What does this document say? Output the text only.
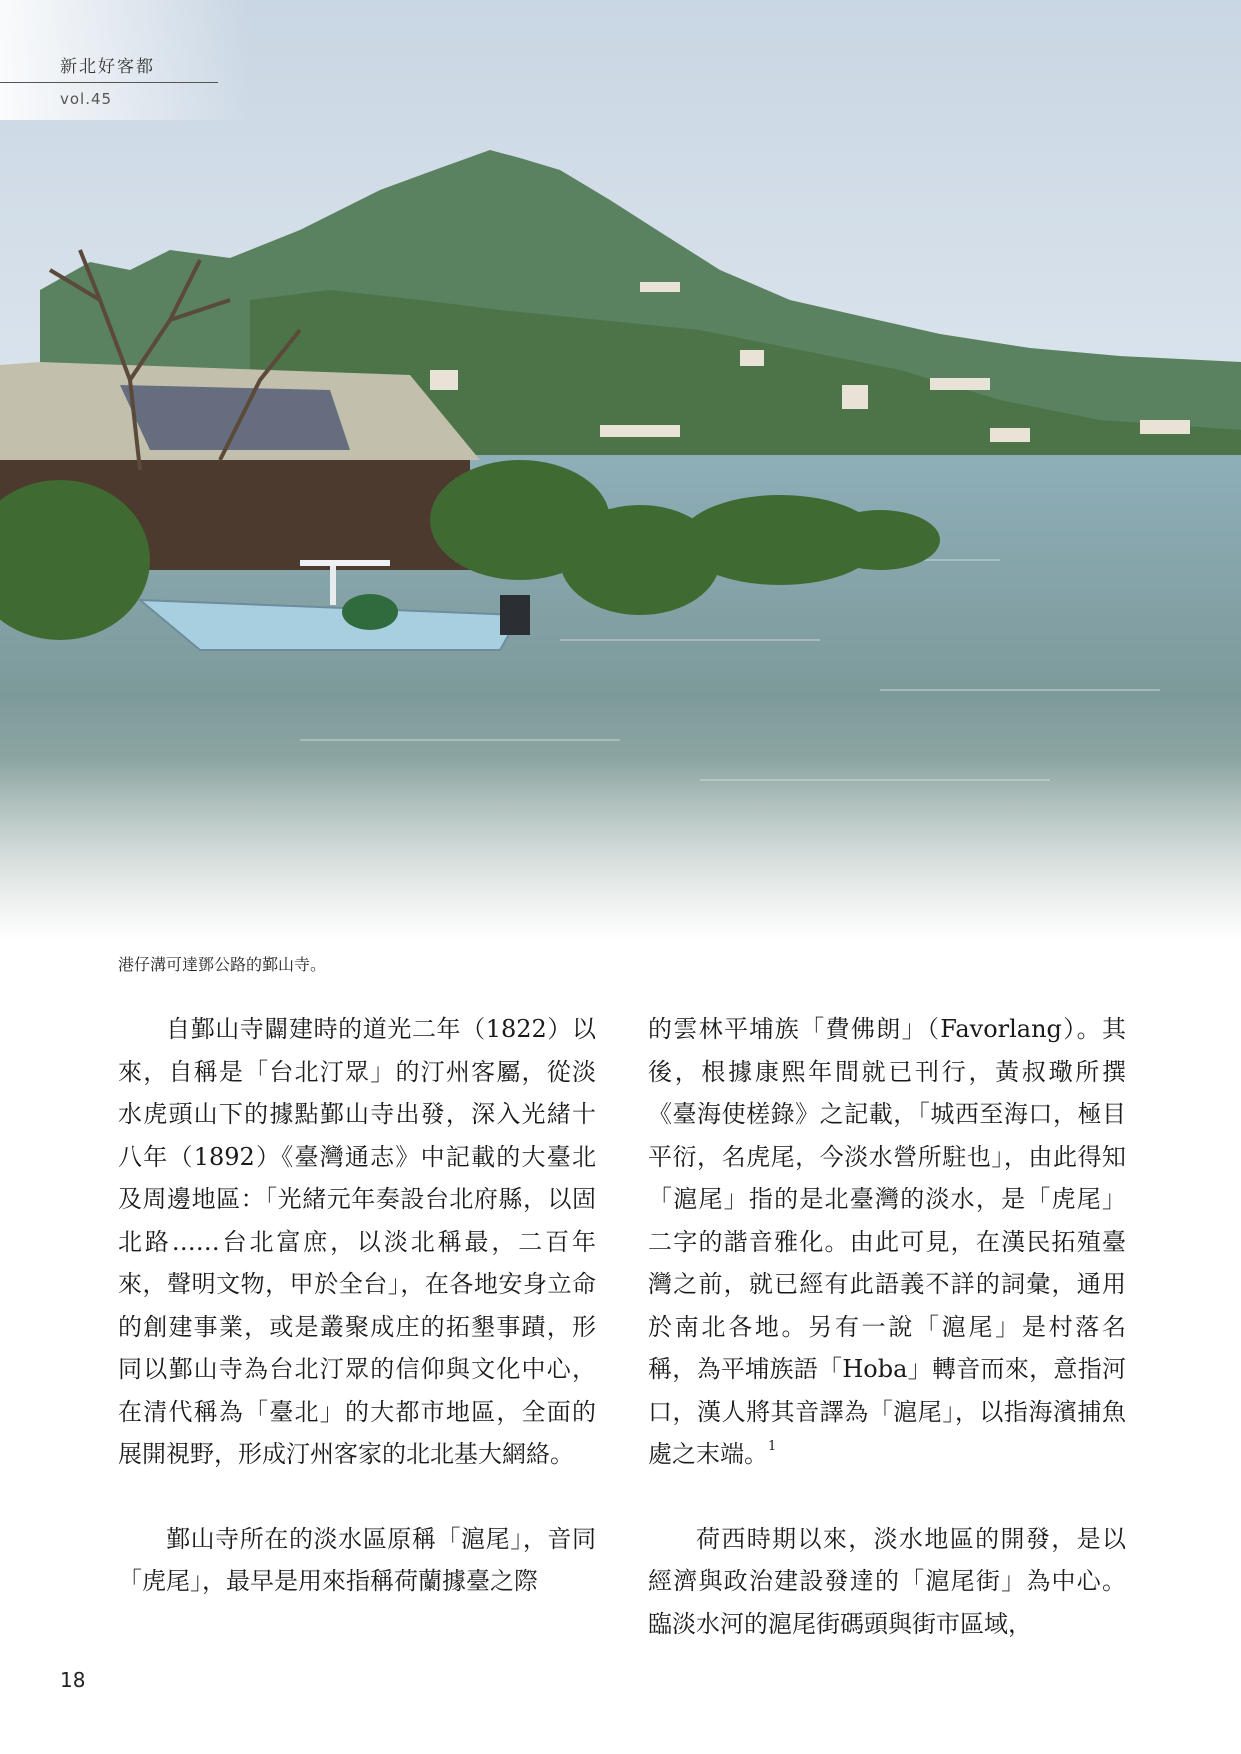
新北好客都
vol.45
港仔溝可達鄧公路的鄞山寺。

自鄞山寺闢建時的道光二年（1822）以來，自稱是「台北汀眾」的汀州客屬，從淡水虎頭山下的據點鄞山寺出發，深入光緒十八年（1892）《臺灣通志》中記載的大臺北及周邊地區：「光緒元年奏設台北府縣，以固北路……台北富庶，以淡北稱最，二百年來，聲明文物，甲於全台」，在各地安身立命的創建事業，或是叢聚成庄的拓墾事蹟，形同以鄞山寺為台北汀眾的信仰與文化中心，在清代稱為「臺北」的大都市地區，全面的展開視野，形成汀州客家的北北基大網絡。

鄞山寺所在的淡水區原稱「滬尾」，音同「虎尾」，最早是用來指稱荷蘭據臺之際

的雲林平埔族「費佛朗」（Favorlang）。其後，根據康熙年間就已刊行，黃叔璥所撰《臺海使槎錄》之記載，「城西至海口，極目平衍，名虎尾，今淡水營所駐也」，由此得知「滬尾」指的是北臺灣的淡水，是「虎尾」二字的諧音雅化。由此可見，在漢民拓殖臺灣之前，就已經有此語義不詳的詞彙，通用於南北各地。另有一說「滬尾」是村落名稱，為平埔族語「Hoba」轉音而來，意指河口，漢人將其音譯為「滬尾」，以指海濱捕魚處之末端。$^1$

荷西時期以來，淡水地區的開發，是以經濟與政治建設發達的「滬尾街」為中心。臨淡水河的滬尾街碼頭與街市區域，

18
